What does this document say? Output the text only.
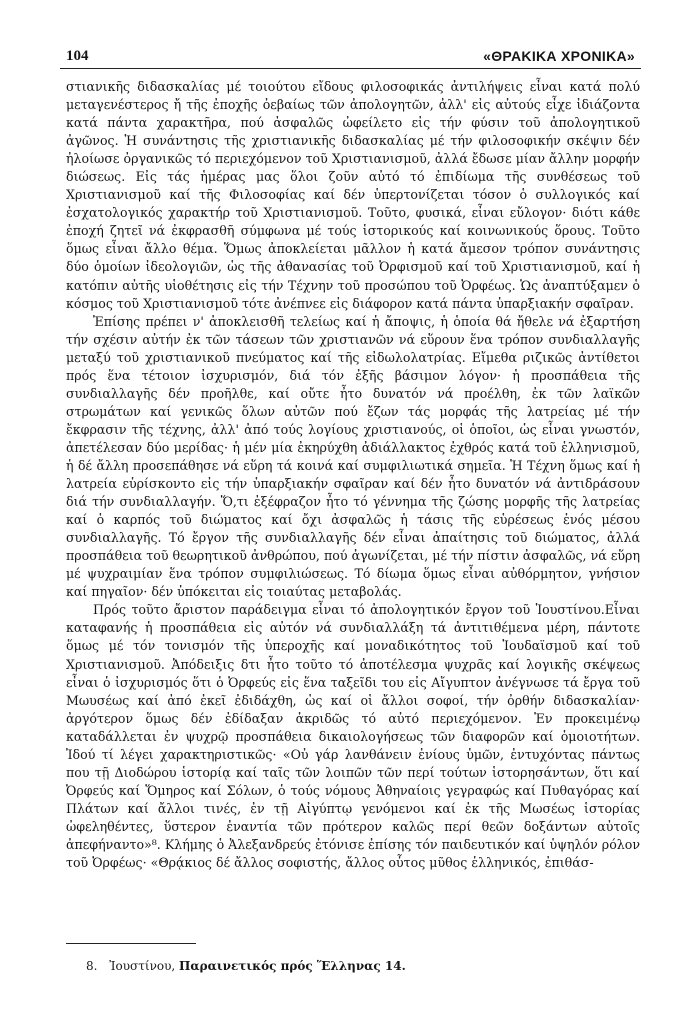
104	«ΘΡΑΚΙΚΑ ΧΡΟΝΙΚΑ»

στιανικῆς διδασκαλίας μέ τοιούτου εἴδους φιλοσοφικάς ἀντιλήψεις εἶναι κατά πολύ μεταγενέστερος ἤ τῆς ἐποχῆς ὀεβαίως τῶν ἀπολογητῶν, ἀλλ' εἰς αὐτούς εἶχε ἰδιάζοντα κατά πάντα χαρακτῆρα, πού ἀσφαλῶς ὠφείλετο εἰς τήν φύσιν τοῦ ἀπολογητικοῦ ἀγῶνος. Ἡ συνάντησις τῆς χριστιανικῆς διδασκαλίας μέ τήν φιλοσοφικήν σκέψιν δέν ἠλοίωσε ὀργανικῶς τό περιεχόμενον τοῦ Χριστιανισμοῦ, ἀλλά ἔδωσε μίαν ἄλλην μορφήν διώσεως. Εἰς τάς ἡμέρας μας ὅλοι ζοῦν αὐτό τό ἐπιδίωμα τῆς συνθέσεως τοῦ Χριστιανισμοῦ καί τῆς Φιλοσοφίας καί δέν ὑπερτονίζεται τόσον ὁ συλλογικός καί ἐσχατολογικός χαρακτήρ τοῦ Χριστιανισμοῦ. Τοῦτο, φυσικά, εἶναι εὔλογον· διότι κάθε ἐποχή ζητεῖ νά ἐκφρασθῆ σύμφωνα μέ τούς ἱστορικούς καί κοινωνικούς ὅρους. Τοῦτο ὅμως εἶναι ἄλλο θέμα. Ὅμως ἀποκλείεται μᾶλλον ἡ κατά ἄμεσον τρόπον συνάντησις δύο ὁμοίων ἰδεολογιῶν, ὡς τῆς ἀθανασίας τοῦ Ὀρφισμοῦ καί τοῦ Χριστιανισμοῦ, καί ἡ κατόπιν αὐτῆς υἱοθέτησις εἰς τήν Τέχνην τοῦ προσώπου τοῦ Ὀρφέως. Ὡς ἀναπτύξαμεν ὁ κόσμος τοῦ Χριστιανισμοῦ τότε ἀνέπνεε εἰς διάφορον κατά πάντα ὑπαρξιακήν σφαῖραν.

Ἐπίσης πρέπει ν' ἀποκλεισθῆ τελείως καί ἡ ἄποψις, ἡ ὁποία θά ἤθελε νά ἐξαρτήση τήν σχέσιν αὐτήν ἐκ τῶν τάσεων τῶν χριστιανῶν νά εὕρουν ἕνα τρόπον συνδιαλλαγῆς μεταξύ τοῦ χριστιανικοῦ πνεύματος καί τῆς εἰδωλολατρίας. Εἴμεθα ριζικῶς ἀντίθετοι πρός ἕνα τέτοιον ἰσχυρισμόν, διά τόν ἐξῆς βάσιμον λόγον· ἡ προσπάθεια τῆς συνδιαλλαγῆς δέν προῆλθε, καί οὔτε ἦτο δυνατόν νά προέλθη, ἐκ τῶν λαϊκῶν στρωμάτων καί γενικῶς ὅλων αὐτῶν πού ἔζων τάς μορφάς τῆς λατρείας μέ τήν ἔκφρασιν τῆς τέχνης, ἀλλ' ἀπό τούς λογίους χριστιανούς, οἱ ὁποῖοι, ὡς εἶναι γνωστόν, ἀπετέλεσαν δύο μερίδας· ἡ μέν μία ἐκηρύχθη ἀδιάλλακτος ἐχθρός κατά τοῦ ἑλληνισμοῦ, ἡ δέ ἄλλη προσεπάθησε νά εὕρη τά κοινά καί συμφιλιωτικά σημεῖα. Ἡ Τέχνη ὅμως καί ἡ λατρεία εὑρίσκοντο εἰς τήν ὑπαρξιακήν σφαῖραν καί δέν ἦτο δυνατόν νά ἀντιδράσουν διά τήν συνδιαλλαγήν. Ὅ,τι ἐξέφραζον ἦτο τό γέννημα τῆς ζώσης μορφῆς τῆς λατρείας καί ὁ καρπός τοῦ διώματος καί ὄχι ἀσφαλῶς ἡ τάσις τῆς εὑρέσεως ἑνός μέσου συνδιαλλαγῆς. Τό ἔργον τῆς συνδιαλλαγῆς δέν εἶναι ἀπαίτησις τοῦ διώματος, ἀλλά προσπάθεια τοῦ θεωρητικοῦ ἀνθρώπου, πού ἀγωνίζεται, μέ τήν πίστιν ἀσφαλῶς, νά εὕρη μέ ψυχραιμίαν ἕνα τρόπον συμφιλιώσεως. Τό δίωμα ὅμως εἶναι αὐθόρμητον, γνήσιον καί πηγαῖον· δέν ὑπόκειται εἰς τοιαύτας μεταβολάς.

Πρός τοῦτο ἄριστον παράδειγμα εἶναι τό ἀπολογητικόν ἔργον τοῦ Ἰουστίνου.Εἶναι καταφανής ἡ προσπάθεια εἰς αὐτόν νά συνδιαλλάξη τά ἀντιτιθέμενα μέρη, πάντοτε ὅμως μέ τόν τονισμόν τῆς ὑπεροχῆς καί μοναδικότητος τοῦ Ἰουδαϊσμοῦ καί τοῦ Χριστιανισμοῦ. Ἀπόδειξις δτι ἦτο τοῦτο τό ἀποτέλεσμα ψυχρᾶς καί λογικῆς σκέψεως εἶναι ὁ ἰσχυρισμός ὅτι ὁ Ὀρφεύς εἰς ἕνα ταξεῖδι του εἰς Αἴγυπτον ἀνέγνωσε τά ἔργα τοῦ Μωυσέως καί ἀπό ἐκεῖ ἐδιδάχθη, ὡς καί οἱ ἄλλοι σοφοί, τήν ὀρθήν διδασκαλίαν· ἀργότερον ὅμως δέν ἐδίδαξαν ἀκριδῶς τό αὐτό περιεχόμενον. Ἐν προκειμένῳ καταδάλλεται ἐν ψυχρῷ προσπάθεια δικαιολογήσεως τῶν διαφορῶν καί ὁμοιοτήτων. Ἰδού τί λέγει χαρακτηριστικῶς· «Οὐ γάρ λανθάνειν ἐνίους ὑμῶν, ἐντυχόντας πάντως που τῇ Διοδώρου ἱστορίᾳ καί ταῖς τῶν λοιπῶν τῶν περί τούτων ἱστορησάντων, ὅτι καί Ὀρφεύς καί Ὅμηρος καί Σόλων, ὁ τούς νόμους Ἀθηναίοις γεγραφώς καί Πυθαγόρας καί Πλάτων καί ἄλλοι τινές, ἐν τῇ Αἰγύπτῳ γενόμενοι καί ἐκ τῆς Μωσέως ἱστορίας ὠφεληθέντες, ὕστερον ἐναντία τῶν πρότερον καλῶς περί θεῶν δοξάντων αὐτοῖς ἀπεφήναντο»⁸. Κλήμης ὁ Ἀλεξανδρεύς ἐτόνισε ἐπίσης τόν παιδευτικόν καί ὑψηλόν ρόλον τοῦ Ὀρφέως· «Θρᾴκιος δέ ἄλλος σοφιστής, ἄλλος οὗτος μῦθος ἑλληνικός, ἐπιθάσ-

8. Ἰουστίνου, Παραινετικός πρός Ἕλληνας 14.
